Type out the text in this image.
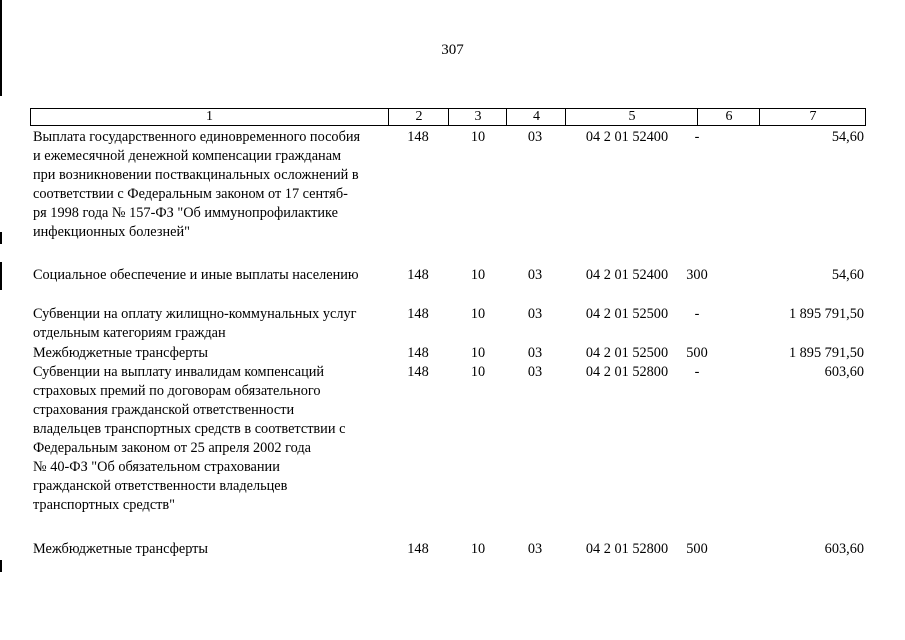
307
1	2	3	4	5	6	7
Выплата государственного единовременного пособия
и ежемесячной денежной компенсации гражданам
при возникновении поствакцинальных осложнений в
соответствии с Федеральным законом от 17 сентяб-
ря 1998 года № 157-ФЗ "Об иммунопрофилактике
инфекционных болезней"
148	10	03	04 2 01 52400	-	54,60
Социальное обеспечение и иные выплаты населению	148	10	03	04 2 01 52400	300	54,60
Субвенции на оплату жилищно-коммунальных услуг
отдельным категориям граждан
148	10	03	04 2 01 52500	-	1 895 791,50
Межбюджетные трансферты	148	10	03	04 2 01 52500	500	1 895 791,50
Субвенции на выплату инвалидам компенсаций
страховых премий по договорам обязательного
страхования гражданской ответственности
владельцев транспортных средств в соответствии с
Федеральным законом от 25 апреля 2002 года
№ 40-ФЗ "Об обязательном страховании
гражданской ответственности владельцев
транспортных средств"
148	10	03	04 2 01 52800	-	603,60
Межбюджетные трансферты	148	10	03	04 2 01 52800	500	603,60
